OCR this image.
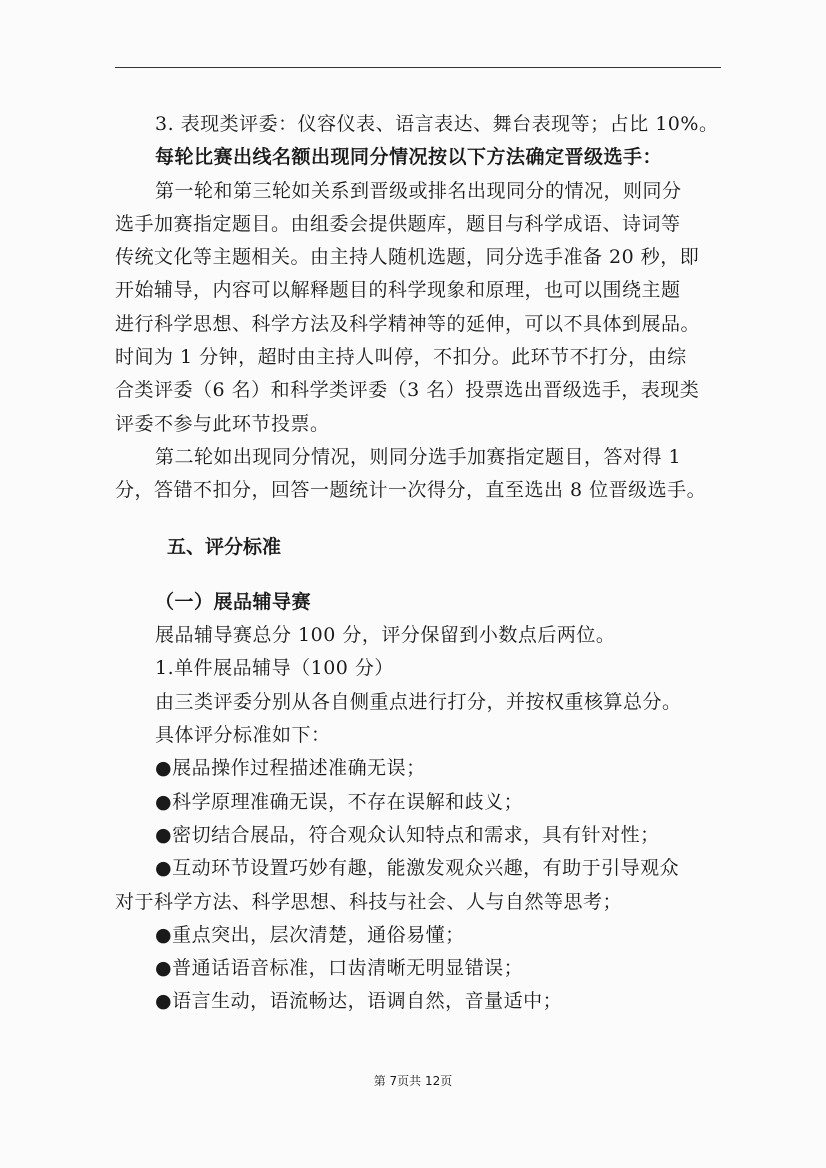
3. 表现类评委：仪容仪表、语言表达、舞台表现等；占比 10%。
每轮比赛出线名额出现同分情况按以下方法确定晋级选手：
第一轮和第三轮如关系到晋级或排名出现同分的情况，则同分
选手加赛指定题目。由组委会提供题库，题目与科学成语、诗词等
传统文化等主题相关。由主持人随机选题，同分选手准备 20 秒，即
开始辅导，内容可以解释题目的科学现象和原理，也可以围绕主题
进行科学思想、科学方法及科学精神等的延伸，可以不具体到展品。
时间为 1 分钟，超时由主持人叫停，不扣分。此环节不打分，由综
合类评委（6 名）和科学类评委（3 名）投票选出晋级选手，表现类
评委不参与此环节投票。
第二轮如出现同分情况，则同分选手加赛指定题目，答对得 1
分，答错不扣分，回答一题统计一次得分，直至选出 8 位晋级选手。
五、评分标准
（一）展品辅导赛
展品辅导赛总分 100 分，评分保留到小数点后两位。
1.单件展品辅导（100 分）
由三类评委分别从各自侧重点进行打分，并按权重核算总分。
具体评分标准如下：
●展品操作过程描述准确无误；
●科学原理准确无误，不存在误解和歧义；
●密切结合展品，符合观众认知特点和需求，具有针对性；
●互动环节设置巧妙有趣，能激发观众兴趣，有助于引导观众
对于科学方法、科学思想、科技与社会、人与自然等思考；
●重点突出，层次清楚，通俗易懂；
●普通话语音标准，口齿清晰无明显错误；
●语言生动，语流畅达，语调自然，音量适中；
第 7页共 12页
